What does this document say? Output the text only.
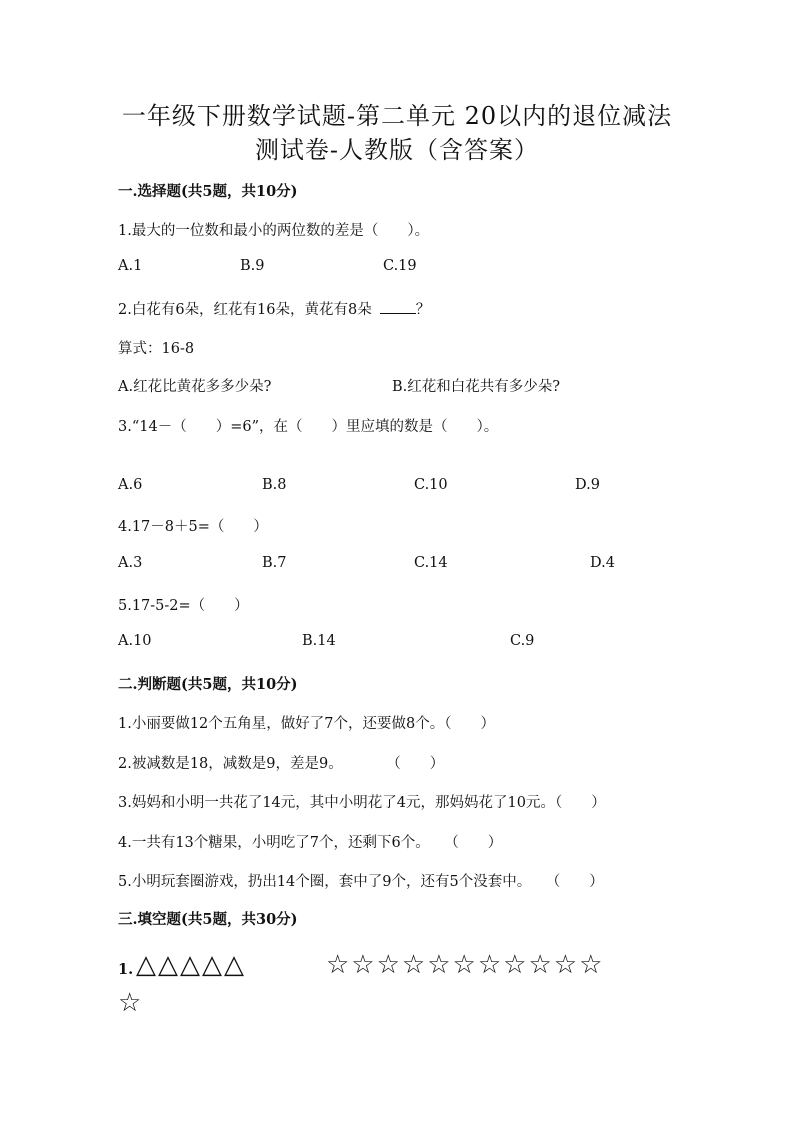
一年级下册数学试题-第二单元 20以内的退位减法
测试卷-人教版（含答案）
一.选择题(共5题，共10分)
1.最大的一位数和最小的两位数的差是（　　）。
A.1	B.9	C.19
2.白花有6朵，红花有16朵，黄花有8朵	？
算式：16-8
A.红花比黄花多多少朵?	B.红花和白花共有多少朵?
3.“14－（　　）=6”，在（　　）里应填的数是（　　）。
A.6	B.8	C.10	D.9
4.17－8＋5=（　　）
A.3	B.7	C.14	D.4
5.17-5-2=（　　）
A.10	B.14	C.9
二.判断题(共5题，共10分)
1.小丽要做12个五角星，做好了7个，还要做8个。（　　）
2.被减数是18，减数是9，差是9。　　　　（　　）
3.妈妈和小明一共花了14元，其中小明花了4元，那妈妈花了10元。（　　）
4.一共有13个糖果，小明吃了7个，还剩下6个。　　（　　）
5.小明玩套圈游戏，扔出14个圈，套中了9个，还有5个没套中。　　（　　）
三.填空题(共5题，共30分)
1. △△△△△	☆☆☆☆☆☆☆☆☆☆☆
☆
